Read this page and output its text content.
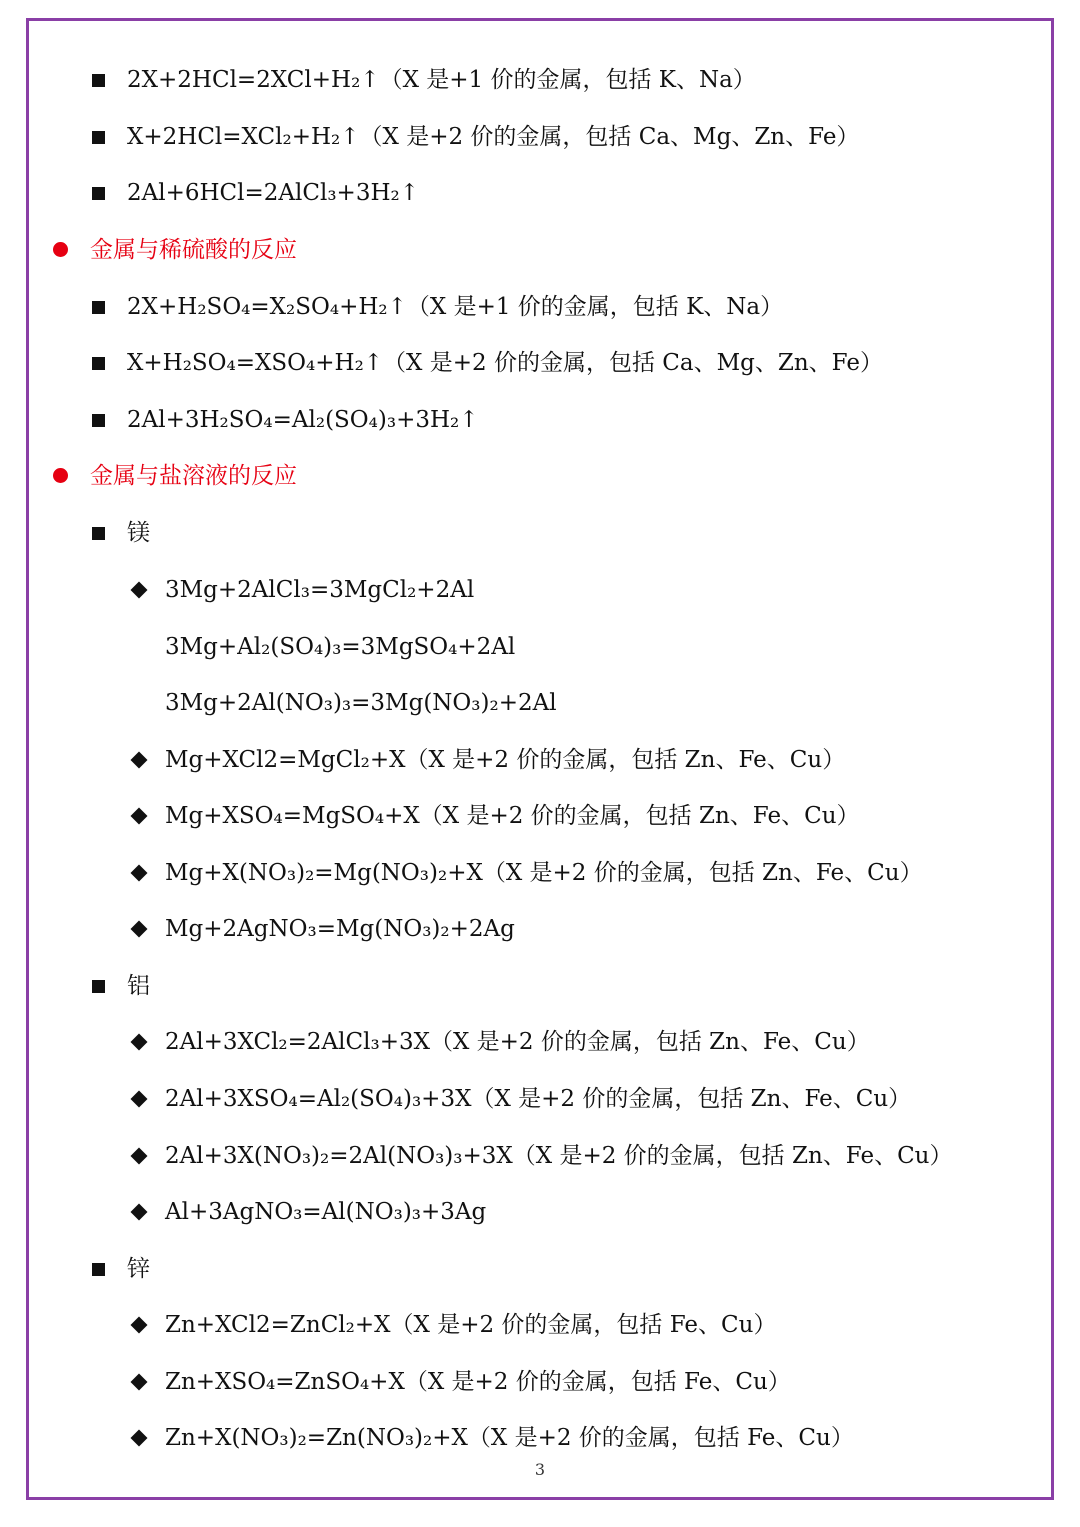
2X+2HCl=2XCl+H₂↑（X 是+1 价的金属，包括 K、Na）
X+2HCl=XCl₂+H₂↑（X 是+2 价的金属，包括 Ca、Mg、Zn、Fe）
2Al+6HCl=2AlCl₃+3H₂↑
金属与稀硫酸的反应
2X+H₂SO₄=X₂SO₄+H₂↑（X 是+1 价的金属，包括 K、Na）
X+H₂SO₄=XSO₄+H₂↑（X 是+2 价的金属，包括 Ca、Mg、Zn、Fe）
2Al+3H₂SO₄=Al₂(SO₄)₃+3H₂↑
金属与盐溶液的反应
镁
3Mg+2AlCl₃=3MgCl₂+2Al
3Mg+Al₂(SO₄)₃=3MgSO₄+2Al
3Mg+2Al(NO₃)₃=3Mg(NO₃)₂+2Al
Mg+XCl2=MgCl₂+X（X 是+2 价的金属，包括 Zn、Fe、Cu）
Mg+XSO₄=MgSO₄+X（X 是+2 价的金属，包括 Zn、Fe、Cu）
Mg+X(NO₃)₂=Mg(NO₃)₂+X（X 是+2 价的金属，包括 Zn、Fe、Cu）
Mg+2AgNO₃=Mg(NO₃)₂+2Ag
铝
2Al+3XCl₂=2AlCl₃+3X（X 是+2 价的金属，包括 Zn、Fe、Cu）
2Al+3XSO₄=Al₂(SO₄)₃+3X（X 是+2 价的金属，包括 Zn、Fe、Cu）
2Al+3X(NO₃)₂=2Al(NO₃)₃+3X（X 是+2 价的金属，包括 Zn、Fe、Cu）
Al+3AgNO₃=Al(NO₃)₃+3Ag
锌
Zn+XCl2=ZnCl₂+X（X 是+2 价的金属，包括 Fe、Cu）
Zn+XSO₄=ZnSO₄+X（X 是+2 价的金属，包括 Fe、Cu）
Zn+X(NO₃)₂=Zn(NO₃)₂+X（X 是+2 价的金属，包括 Fe、Cu）
3
